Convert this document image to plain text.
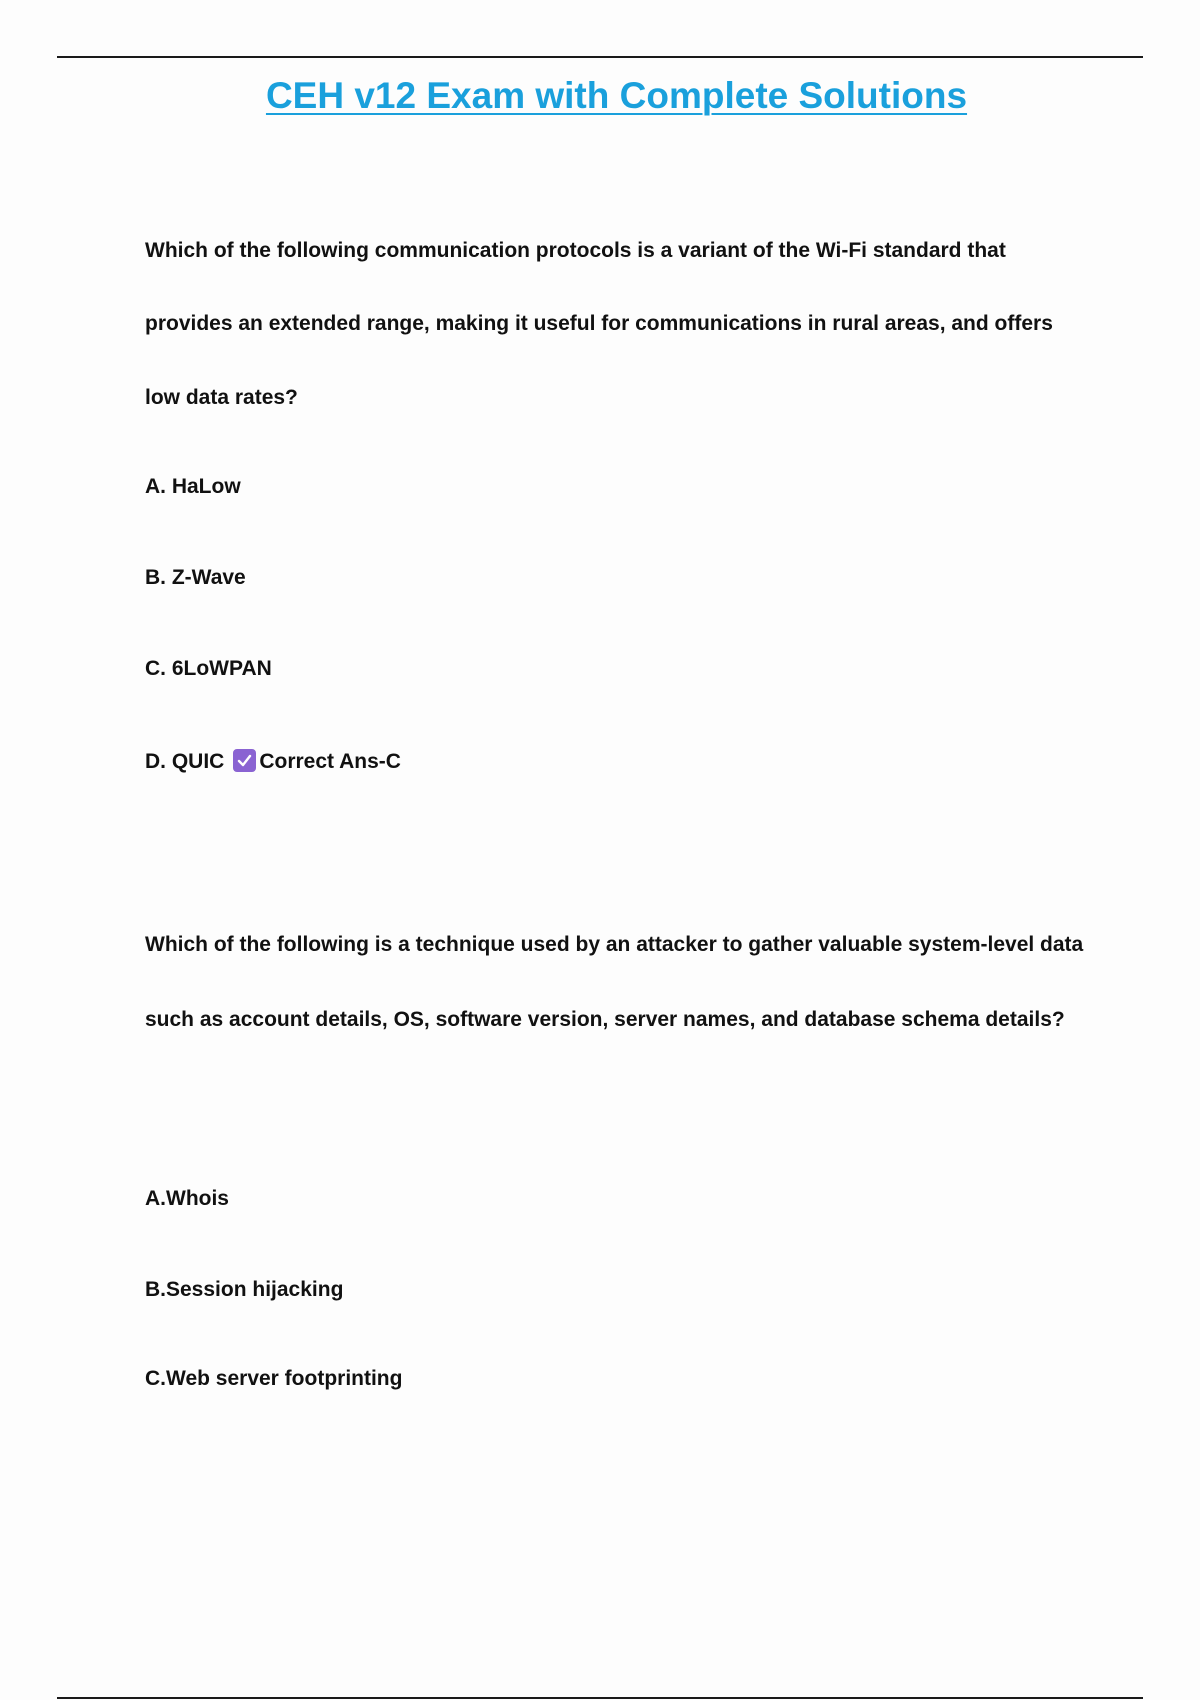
CEH v12 Exam with Complete Solutions

Which of the following communication protocols is a variant of the Wi-Fi standard that

provides an extended range, making it useful for communications in rural areas, and offers

low data rates?

A. HaLow

B. Z-Wave

C. 6LoWPAN

D. QUIC Correct Ans-C

Which of the following is a technique used by an attacker to gather valuable system-level data

such as account details, OS, software version, server names, and database schema details?

A.Whois

B.Session hijacking

C.Web server footprinting
